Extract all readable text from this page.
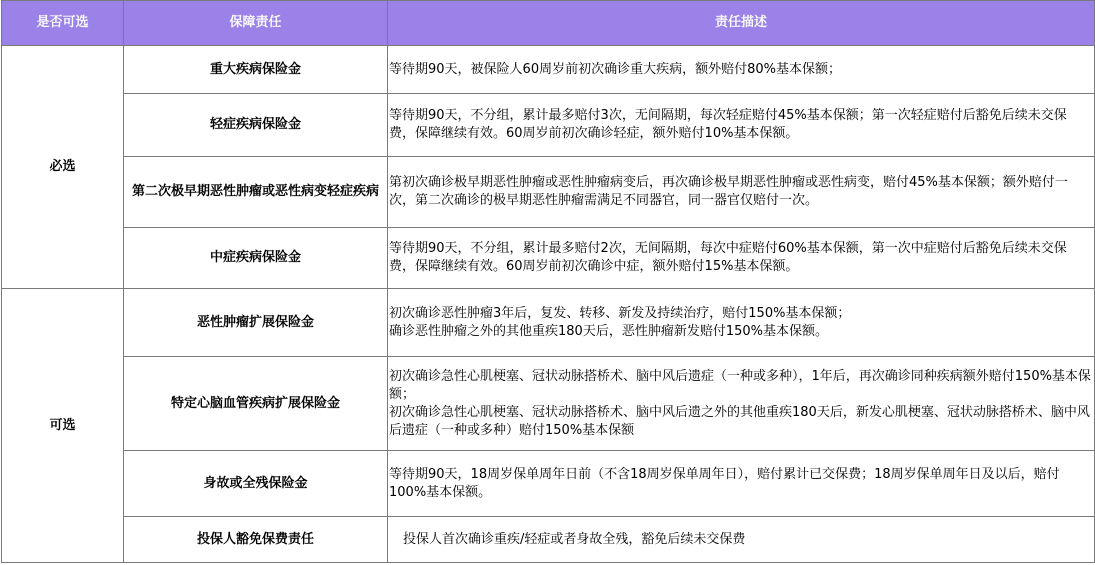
是否可选	保障责任	责任描述
必选	重大疾病保险金	等待期90天，被保险人60周岁前初次确诊重大疾病，额外赔付80%基本保额；

	轻症疾病保险金	等待期90天，不分组，累计最多赔付3次，无间隔期，每次轻症赔付45%基本保额；第一次轻症赔付后豁免后续未交保费，保障继续有效。60周岁前初次确诊轻症，额外赔付10%基本保额。

	第二次极早期恶性肿瘤或恶性病变轻症疾病	第初次确诊极早期恶性肿瘤或恶性肿瘤病变后，再次确诊极早期恶性肿瘤或恶性病变，赔付45%基本保额；额外赔付一次，第二次确诊的极早期恶性肿瘤需满足不同器官，同一器官仅赔付一次。

	中症疾病保险金	等待期90天，不分组，累计最多赔付2次，无间隔期，每次中症赔付60%基本保额，第一次中症赔付后豁免后续未交保费，保障继续有效。60周岁前初次确诊中症，额外赔付15%基本保额。

可选	恶性肿瘤扩展保险金	初次确诊恶性肿瘤3年后，复发、转移、新发及持续治疗，赔付150%基本保额；
确诊恶性肿瘤之外的其他重疾180天后，恶性肿瘤新发赔付150%基本保额。

	特定心脑血管疾病扩展保险金	初次确诊急性心肌梗塞、冠状动脉搭桥术、脑中风后遗症（一种或多种），1年后，再次确诊同种疾病额外赔付150%基本保额；
初次确诊急性心肌梗塞、冠状动脉搭桥术、脑中风后遗之外的其他重疾180天后，新发心肌梗塞、冠状动脉搭桥术、脑中风后遗症（一种或多种）赔付150%基本保额

	身故或全残保险金	等待期90天，18周岁保单周年日前（不含18周岁保单周年日），赔付累计已交保费；18周岁保单周年日及以后，赔付100%基本保额。

	投保人豁免保费责任	投保人首次确诊重疾/轻症或者身故全残，豁免后续未交保费
